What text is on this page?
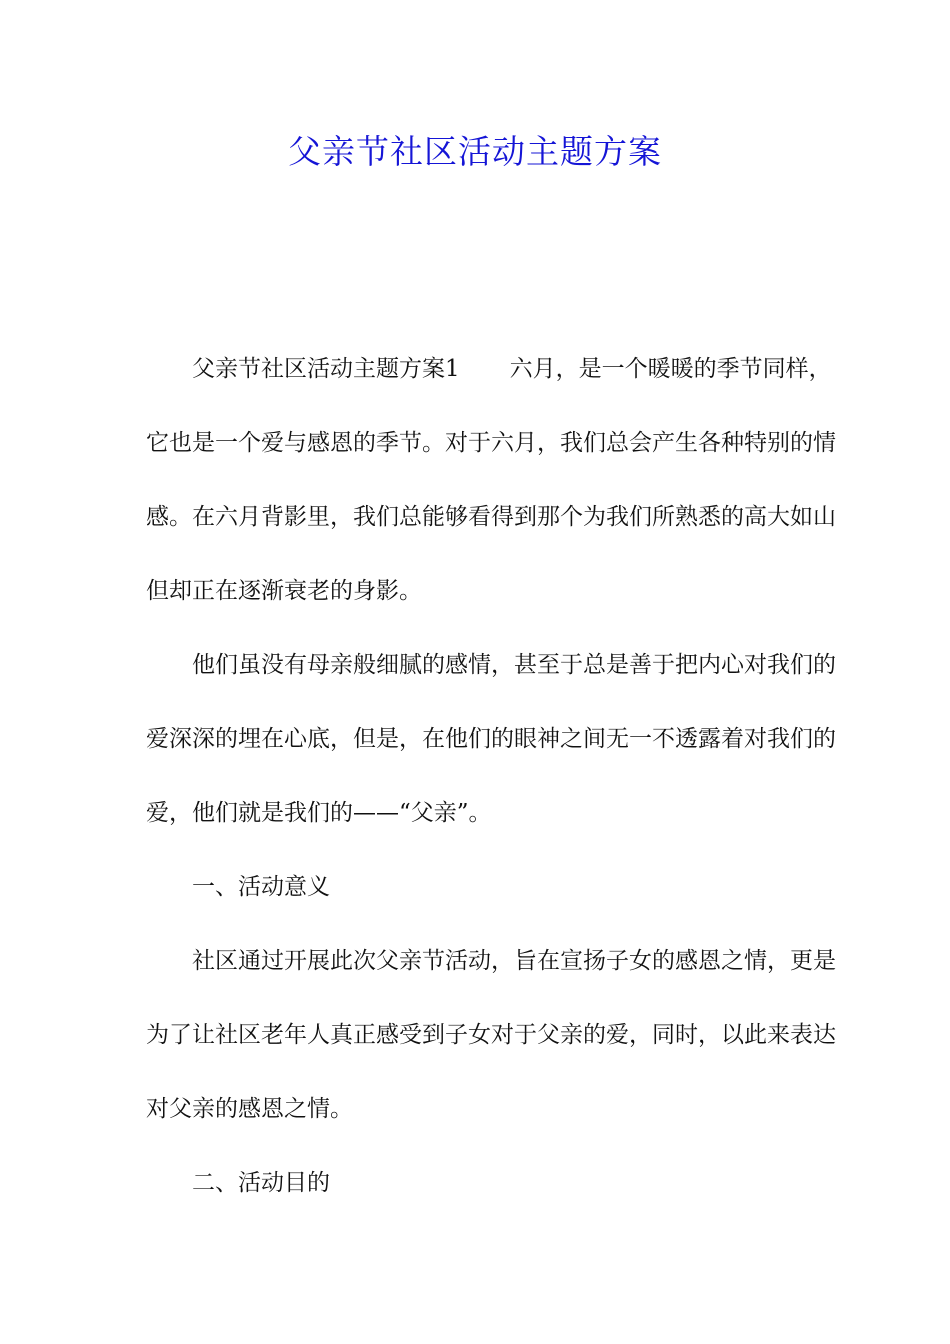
父亲节社区活动主题方案

父亲节社区活动主题方案1 六月，是一个暖暖的季节同样，它也是一个爱与感恩的季节。对于六月，我们总会产生各种特别的情感。在六月背影里，我们总能够看得到那个为我们所熟悉的高大如山但却正在逐渐衰老的身影。

他们虽没有母亲般细腻的感情，甚至于总是善于把内心对我们的爱深深的埋在心底，但是，在他们的眼神之间无一不透露着对我们的爱，他们就是我们的——“父亲”。

一、活动意义

社区通过开展此次父亲节活动，旨在宣扬子女的感恩之情，更是为了让社区老年人真正感受到子女对于父亲的爱，同时，以此来表达对父亲的感恩之情。

二、活动目的
